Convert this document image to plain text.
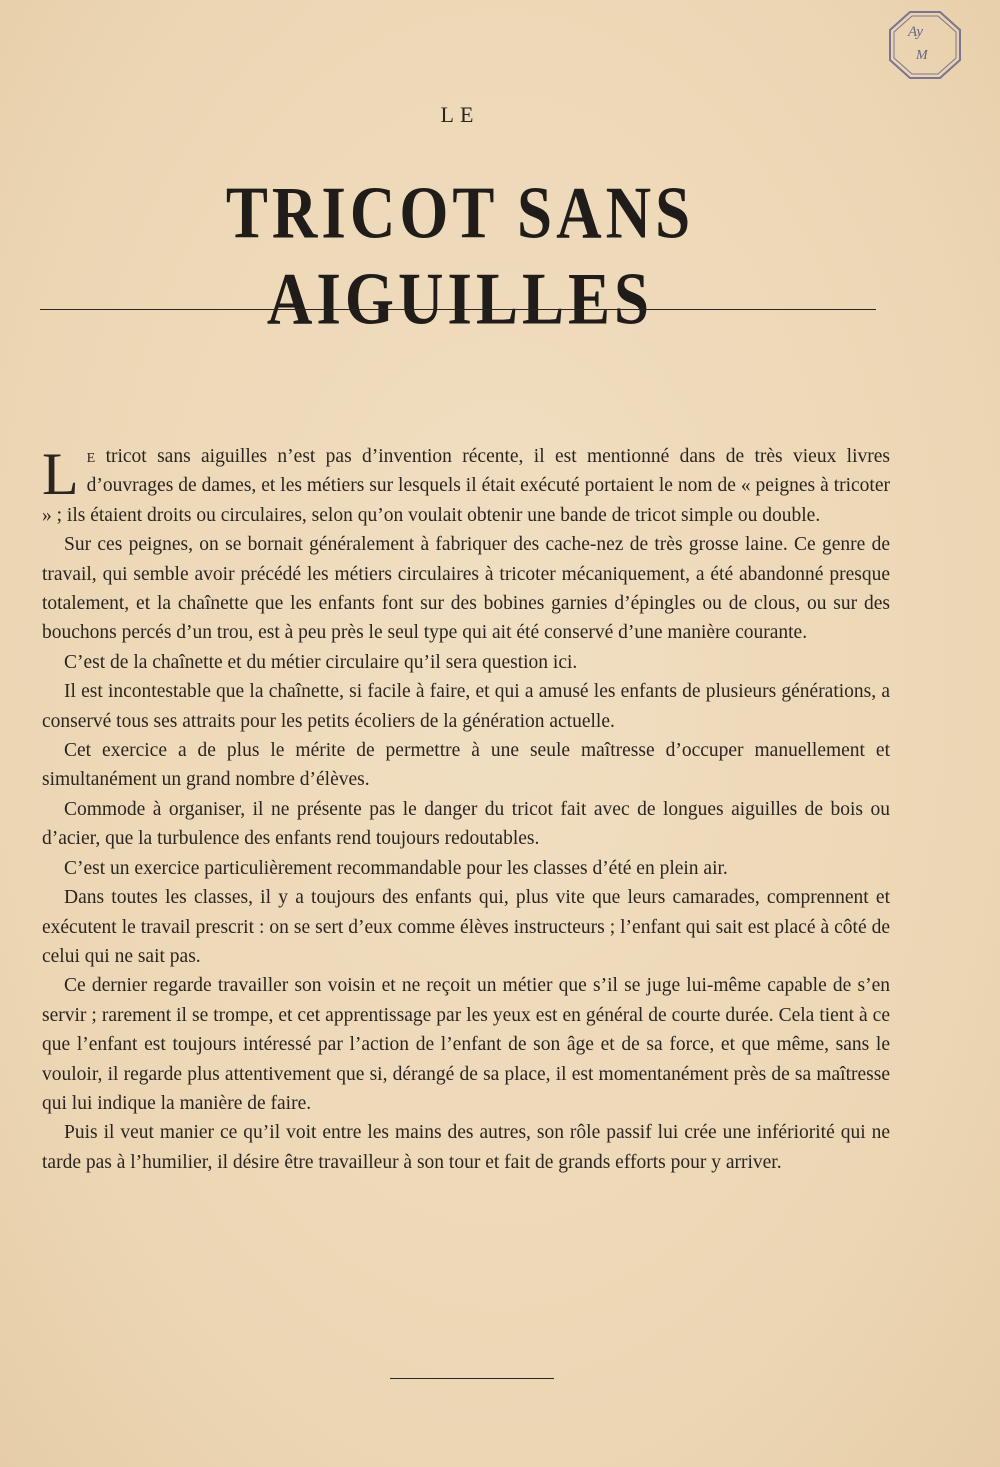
Ay
M
LE
TRICOT SANS AIGUILLES

Le tricot sans aiguilles n’est pas d’invention récente, il est mentionné dans de très vieux livres d’ouvrages de dames, et les métiers sur lesquels il était exécuté portaient le nom de « peignes à tricoter » ; ils étaient droits ou circulaires, selon qu’on voulait obtenir une bande de tricot simple ou double.

Sur ces peignes, on se bornait généralement à fabriquer des cache-nez de très grosse laine. Ce genre de travail, qui semble avoir précédé les métiers circulaires à tricoter mécaniquement, a été abandonné presque totalement, et la chaînette que les enfants font sur des bobines garnies d’épingles ou de clous, ou sur des bouchons percés d’un trou, est à peu près le seul type qui ait été conservé d’une manière courante.

C’est de la chaînette et du métier circulaire qu’il sera question ici.

Il est incontestable que la chaînette, si facile à faire, et qui a amusé les enfants de plusieurs générations, a conservé tous ses attraits pour les petits écoliers de la génération actuelle.

Cet exercice a de plus le mérite de permettre à une seule maîtresse d’occuper manuellement et simultanément un grand nombre d’élèves.

Commode à organiser, il ne présente pas le danger du tricot fait avec de longues aiguilles de bois ou d’acier, que la turbulence des enfants rend toujours redoutables.

C’est un exercice particulièrement recommandable pour les classes d’été en plein air.

Dans toutes les classes, il y a toujours des enfants qui, plus vite que leurs camarades, comprennent et exécutent le travail prescrit : on se sert d’eux comme élèves instructeurs ; l’enfant qui sait est placé à côté de celui qui ne sait pas.

Ce dernier regarde travailler son voisin et ne reçoit un métier que s’il se juge lui-même capable de s’en servir ; rarement il se trompe, et cet apprentissage par les yeux est en général de courte durée. Cela tient à ce que l’enfant est toujours intéressé par l’action de l’enfant de son âge et de sa force, et que même, sans le vouloir, il regarde plus attentivement que si, dérangé de sa place, il est momentanément près de sa maîtresse qui lui indique la manière de faire.

Puis il veut manier ce qu’il voit entre les mains des autres, son rôle passif lui crée une infériorité qui ne tarde pas à l’humilier, il désire être travailleur à son tour et fait de grands efforts pour y arriver.
